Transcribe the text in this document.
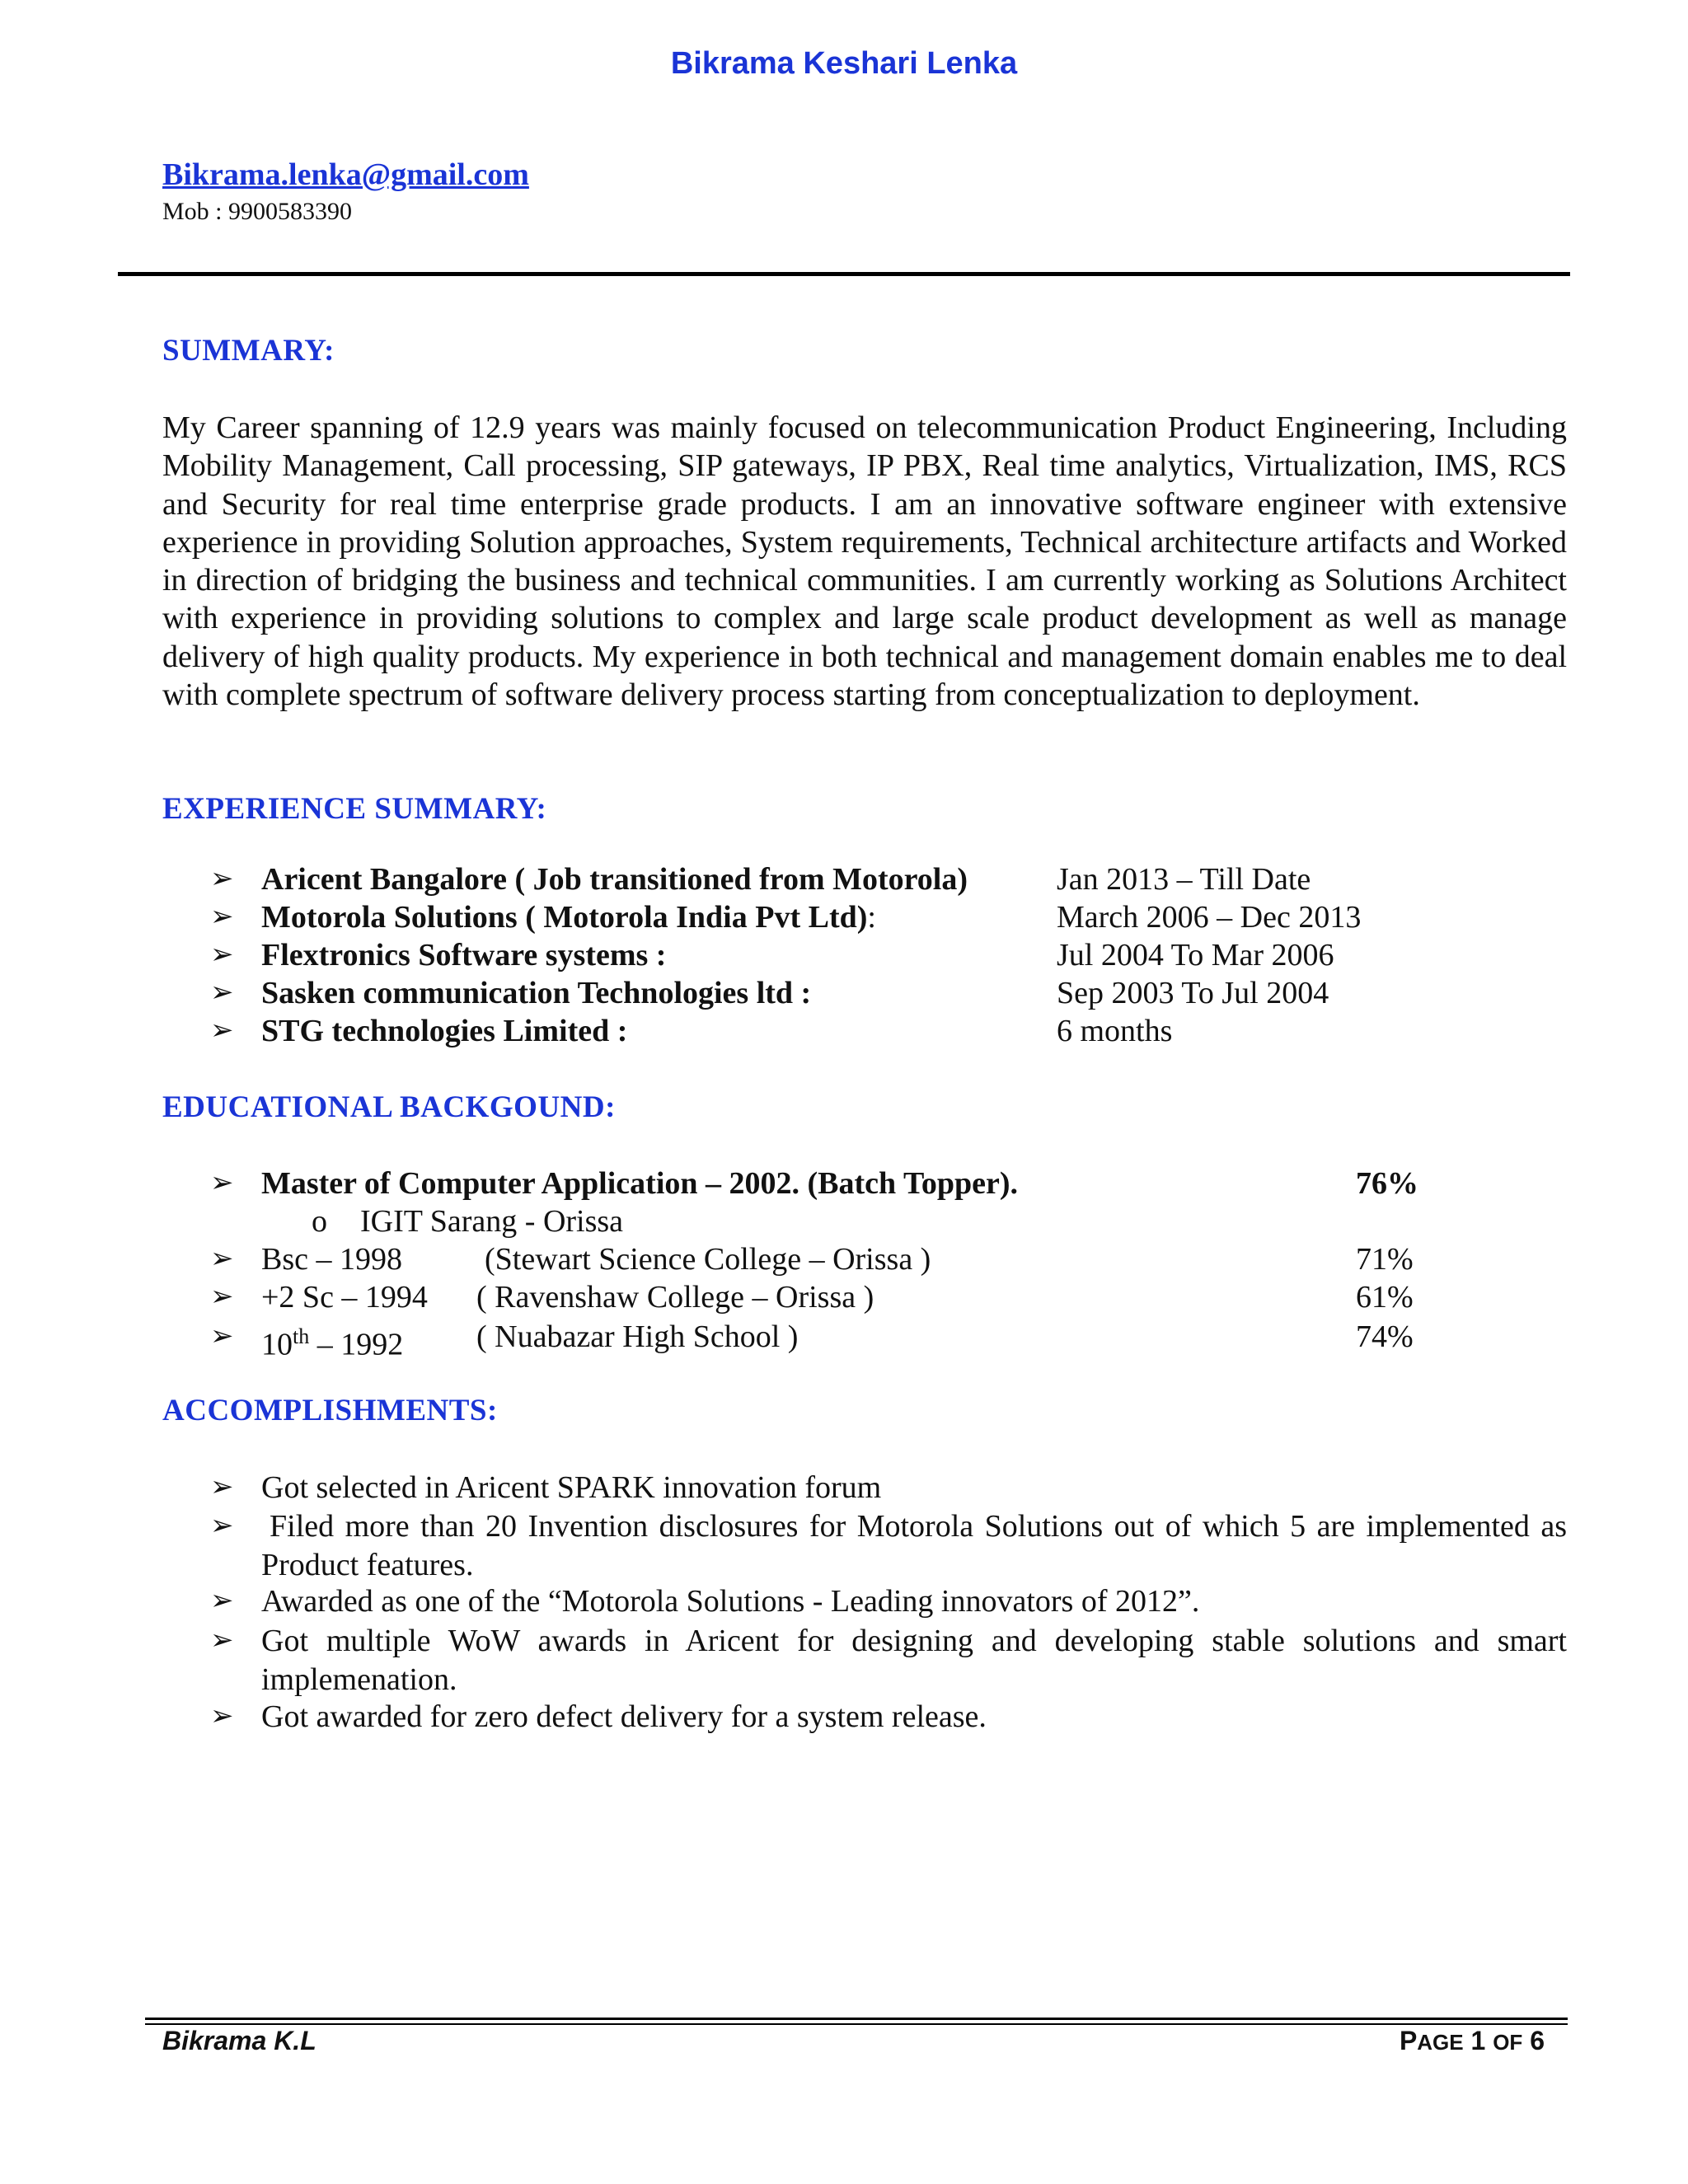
Bikrama Keshari Lenka
Bikrama.lenka@gmail.com
Mob : 9900583390
SUMMARY:

My Career spanning of 12.9 years was mainly focused on telecommunication Product Engineering, Including Mobility Management, Call processing, SIP gateways, IP PBX, Real time analytics, Virtualization, IMS, RCS and Security for real time enterprise grade products. I am an innovative software engineer with extensive experience in providing Solution approaches, System requirements, Technical architecture artifacts and Worked in direction of bridging the business and technical communities. I am currently working as Solutions Architect with experience in providing solutions to complex and large scale product development as well as manage delivery of high quality products. My experience in both technical and management domain enables me to deal with complete spectrum of software delivery process starting from conceptualization to deployment.

EXPERIENCE SUMMARY:
➢ Aricent Bangalore ( Job transitioned from Motorola)	Jan 2013 – Till Date
➢ Motorola Solutions ( Motorola India Pvt Ltd):	March 2006 – Dec 2013
➢ Flextronics Software systems :	Jul 2004 To Mar 2006
➢ Sasken communication Technologies ltd :	Sep 2003 To Jul 2004
➢ STG technologies Limited :	6 months
EDUCATIONAL BACKGOUND:
➢ Master of Computer Application – 2002. (Batch Topper).	76%
o IGIT Sarang - Orissa
➢ Bsc – 1998	(Stewart Science College – Orissa )	71%
➢ +2 Sc – 1994 ( Ravenshaw College – Orissa )	61%
➢ 10th – 1992 ( Nuabazar High School )	74%
ACCOMPLISHMENTS:
➢ Got selected in Aricent SPARK innovation forum

➢ Filed more than 20 Invention disclosures for Motorola Solutions out of which 5 are implemented as Product features.

➢ Awarded as one of the “Motorola Solutions - Leading innovators of 2012”.

➢ Got multiple WoW awards in Aricent for designing and developing stable solutions and smart implemenation.

➢ Got awarded for zero defect delivery for a system release.

Bikrama K.L	PAGE 1 OF 6
